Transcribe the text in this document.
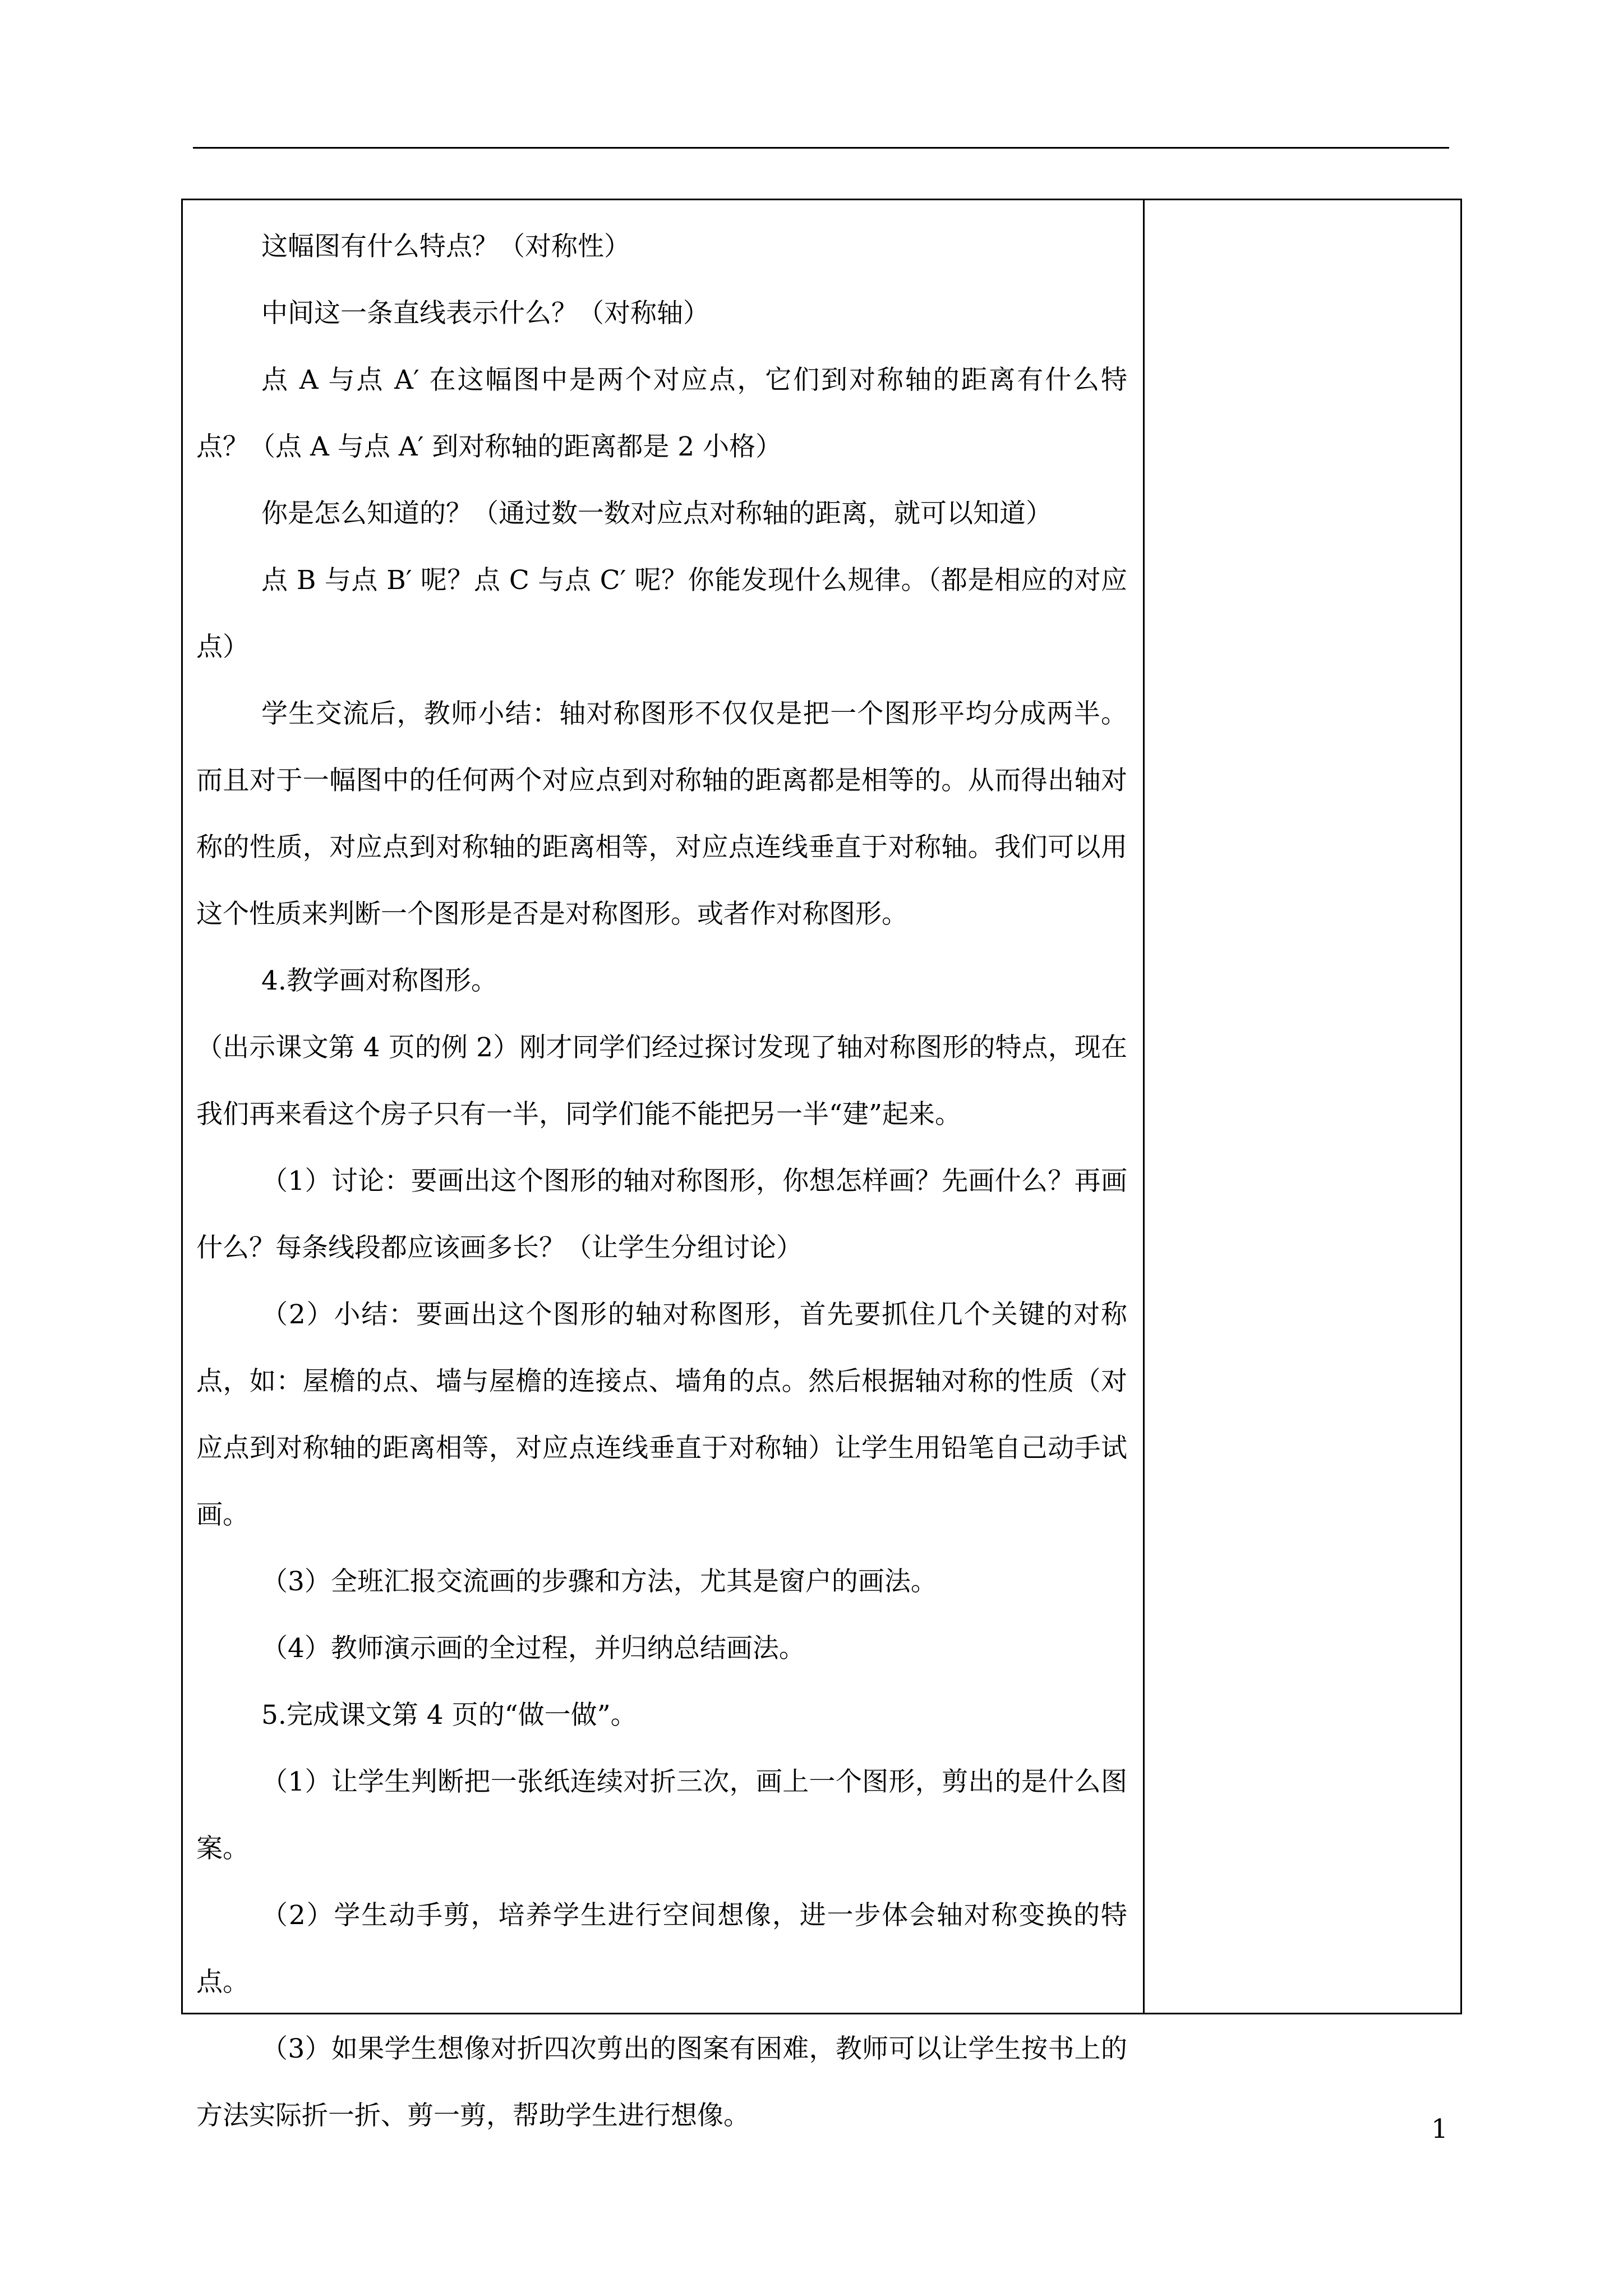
这幅图有什么特点？（对称性）

中间这一条直线表示什么？（对称轴）

点 A 与点 A′ 在这幅图中是两个对应点，它们到对称轴的距离有什么特点？（点 A 与点 A′ 到对称轴的距离都是 2 小格）

你是怎么知道的？（通过数一数对应点对称轴的距离，就可以知道）

点 B 与点 B′ 呢？点 C 与点 C′ 呢？你能发现什么规律。（都是相应的对应点）

学生交流后，教师小结：轴对称图形不仅仅是把一个图形平均分成两半。而且对于一幅图中的任何两个对应点到对称轴的距离都是相等的。从而得出轴对称的性质，对应点到对称轴的距离相等，对应点连线垂直于对称轴。我们可以用这个性质来判断一个图形是否是对称图形。或者作对称图形。

4.教学画对称图形。

（出示课文第 4 页的例 2）刚才同学们经过探讨发现了轴对称图形的特点，现在我们再来看这个房子只有一半，同学们能不能把另一半“建”起来。

（1）讨论：要画出这个图形的轴对称图形，你想怎样画？先画什么？再画什么？每条线段都应该画多长？（让学生分组讨论）

（2）小结：要画出这个图形的轴对称图形，首先要抓住几个关键的对称点，如：屋檐的点、墙与屋檐的连接点、墙角的点。然后根据轴对称的性质（对应点到对称轴的距离相等，对应点连线垂直于对称轴）让学生用铅笔自己动手试画。

（3）全班汇报交流画的步骤和方法，尤其是窗户的画法。

（4）教师演示画的全过程，并归纳总结画法。

5.完成课文第 4 页的“做一做”。

（1）让学生判断把一张纸连续对折三次，画上一个图形，剪出的是什么图案。

（2）学生动手剪，培养学生进行空间想像，进一步体会轴对称变换的特点。

（3）如果学生想像对折四次剪出的图案有困难，教师可以让学生按书上的方法实际折一折、剪一剪，帮助学生进行想像。	1
